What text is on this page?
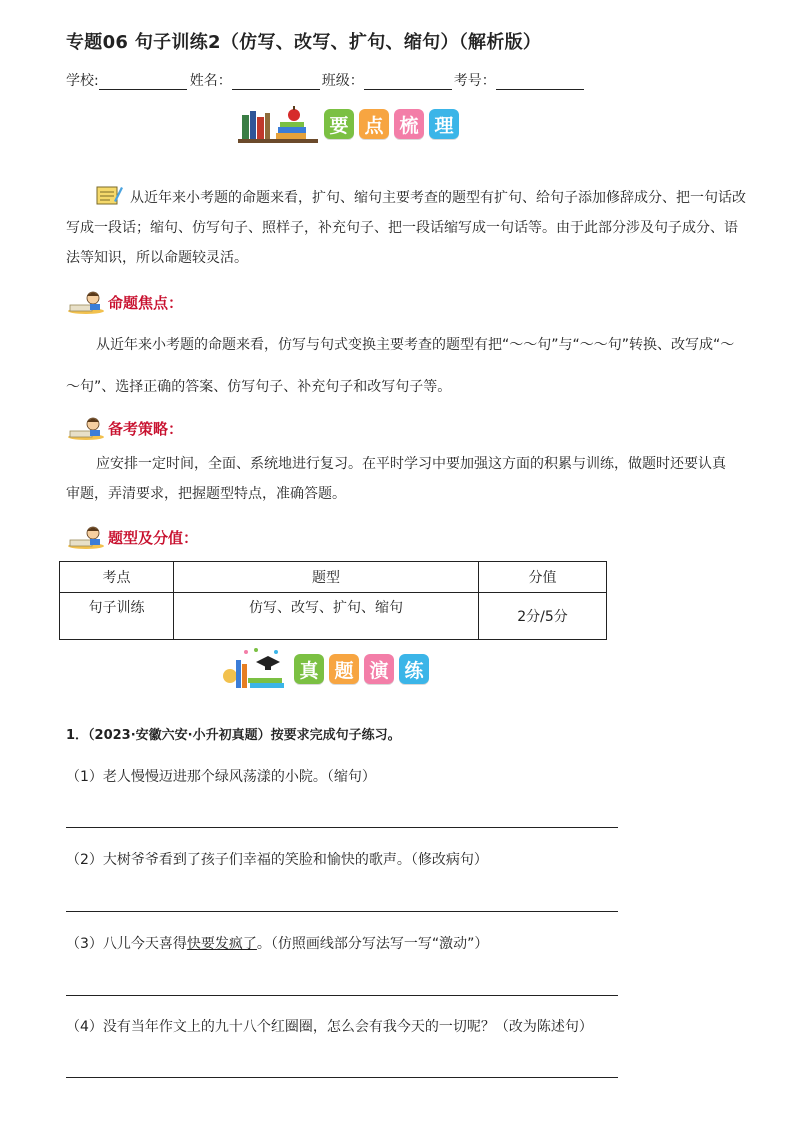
专题06 句子训练2（仿写、改写、扩句、缩句）（解析版）
学校:	姓名：	班级：	考号：
要 点 梳 理
从近年来小考题的命题来看，扩句、缩句主要考查的题型有扩句、给句子添加修辞成分、把一句话改写成一段话；缩句、仿写句子、照样子，补充句子、把一段话缩写成一句话等。由于此部分涉及句子成分、语法等知识，所以命题较灵活。
命题焦点：
从近年来小考题的命题来看，仿写与句式变换主要考查的题型有把“～～句”与“～～句”转换、改写成“～～句”、选择正确的答案、仿写句子、补充句子和改写句子等。
备考策略：
应安排一定时间，全面、系统地进行复习。在平时学习中要加强这方面的积累与训练，做题时还要认真审题，弄清要求，把握题型特点，准确答题。
题型及分值：
考点	题型	分值
句子训练	仿写、改写、扩句、缩句	2分/5分
真 题 演 练
1．（2023·安徽六安·小升初真题）按要求完成句子练习。
（1）老人慢慢迈进那个绿风荡漾的小院。（缩句）
（2）大树爷爷看到了孩子们幸福的笑脸和愉快的歌声。（修改病句）
（3）八儿今天喜得快要发疯了。（仿照画线部分写法写一写“激动”）
（4）没有当年作文上的九十八个红圈圈，怎么会有我今天的一切呢？（改为陈述句）
